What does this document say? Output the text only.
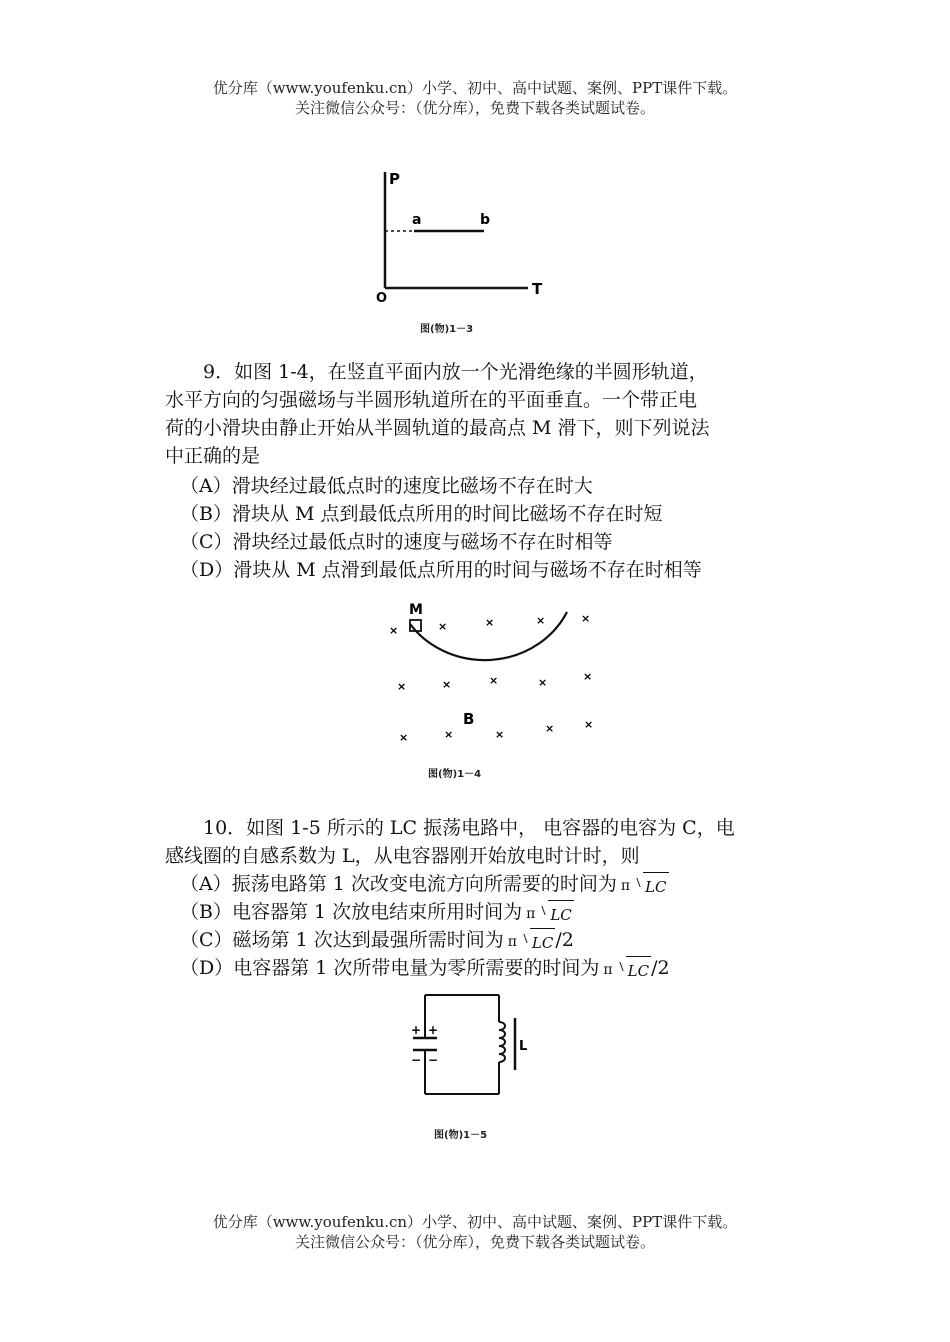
优分库（www.youfenku.cn）小学、初中、高中试题、案例、PPT课件下载。
关注微信公众号：（优分库），免费下载各类试题试卷。
P
T
O
a	b
图(物)1－3
9．如图 1-4，在竖直平面内放一个光滑绝缘的半圆形轨道，
水平方向的匀强磁场与半圆形轨道所在的平面垂直。一个带正电
荷的小滑块由静止开始从半圆轨道的最高点 M 滑下，则下列说法
中正确的是
（A）滑块经过最低点时的速度比磁场不存在时大
（B）滑块从 M 点到最低点所用的时间比磁场不存在时短
（C）滑块经过最低点时的速度与磁场不存在时相等
（D）滑块从 M 点滑到最低点所用的时间与磁场不存在时相等
M
B
×	×	×	×	×
×	×	×	×	×
×	×	×	×	×
图(物)1－4
10．如图 1-5 所示的 LC 振荡电路中， 电容器的电容为 C，电
感线圈的自感系数为 L，从电容器刚开始放电时计时，则
（A）振荡电路第 1 次改变电流方向所需要的时间为 π LC
（B）电容器第 1 次放电结束所用时间为 π LC
（C）磁场第 1 次达到最强所需时间为 π LC /2
（D）电容器第 1 次所带电量为零所需要的时间为 π LC /2
+ +
− −
L
图(物)1－5
优分库（www.youfenku.cn）小学、初中、高中试题、案例、PPT课件下载。
关注微信公众号：（优分库），免费下载各类试题试卷。
